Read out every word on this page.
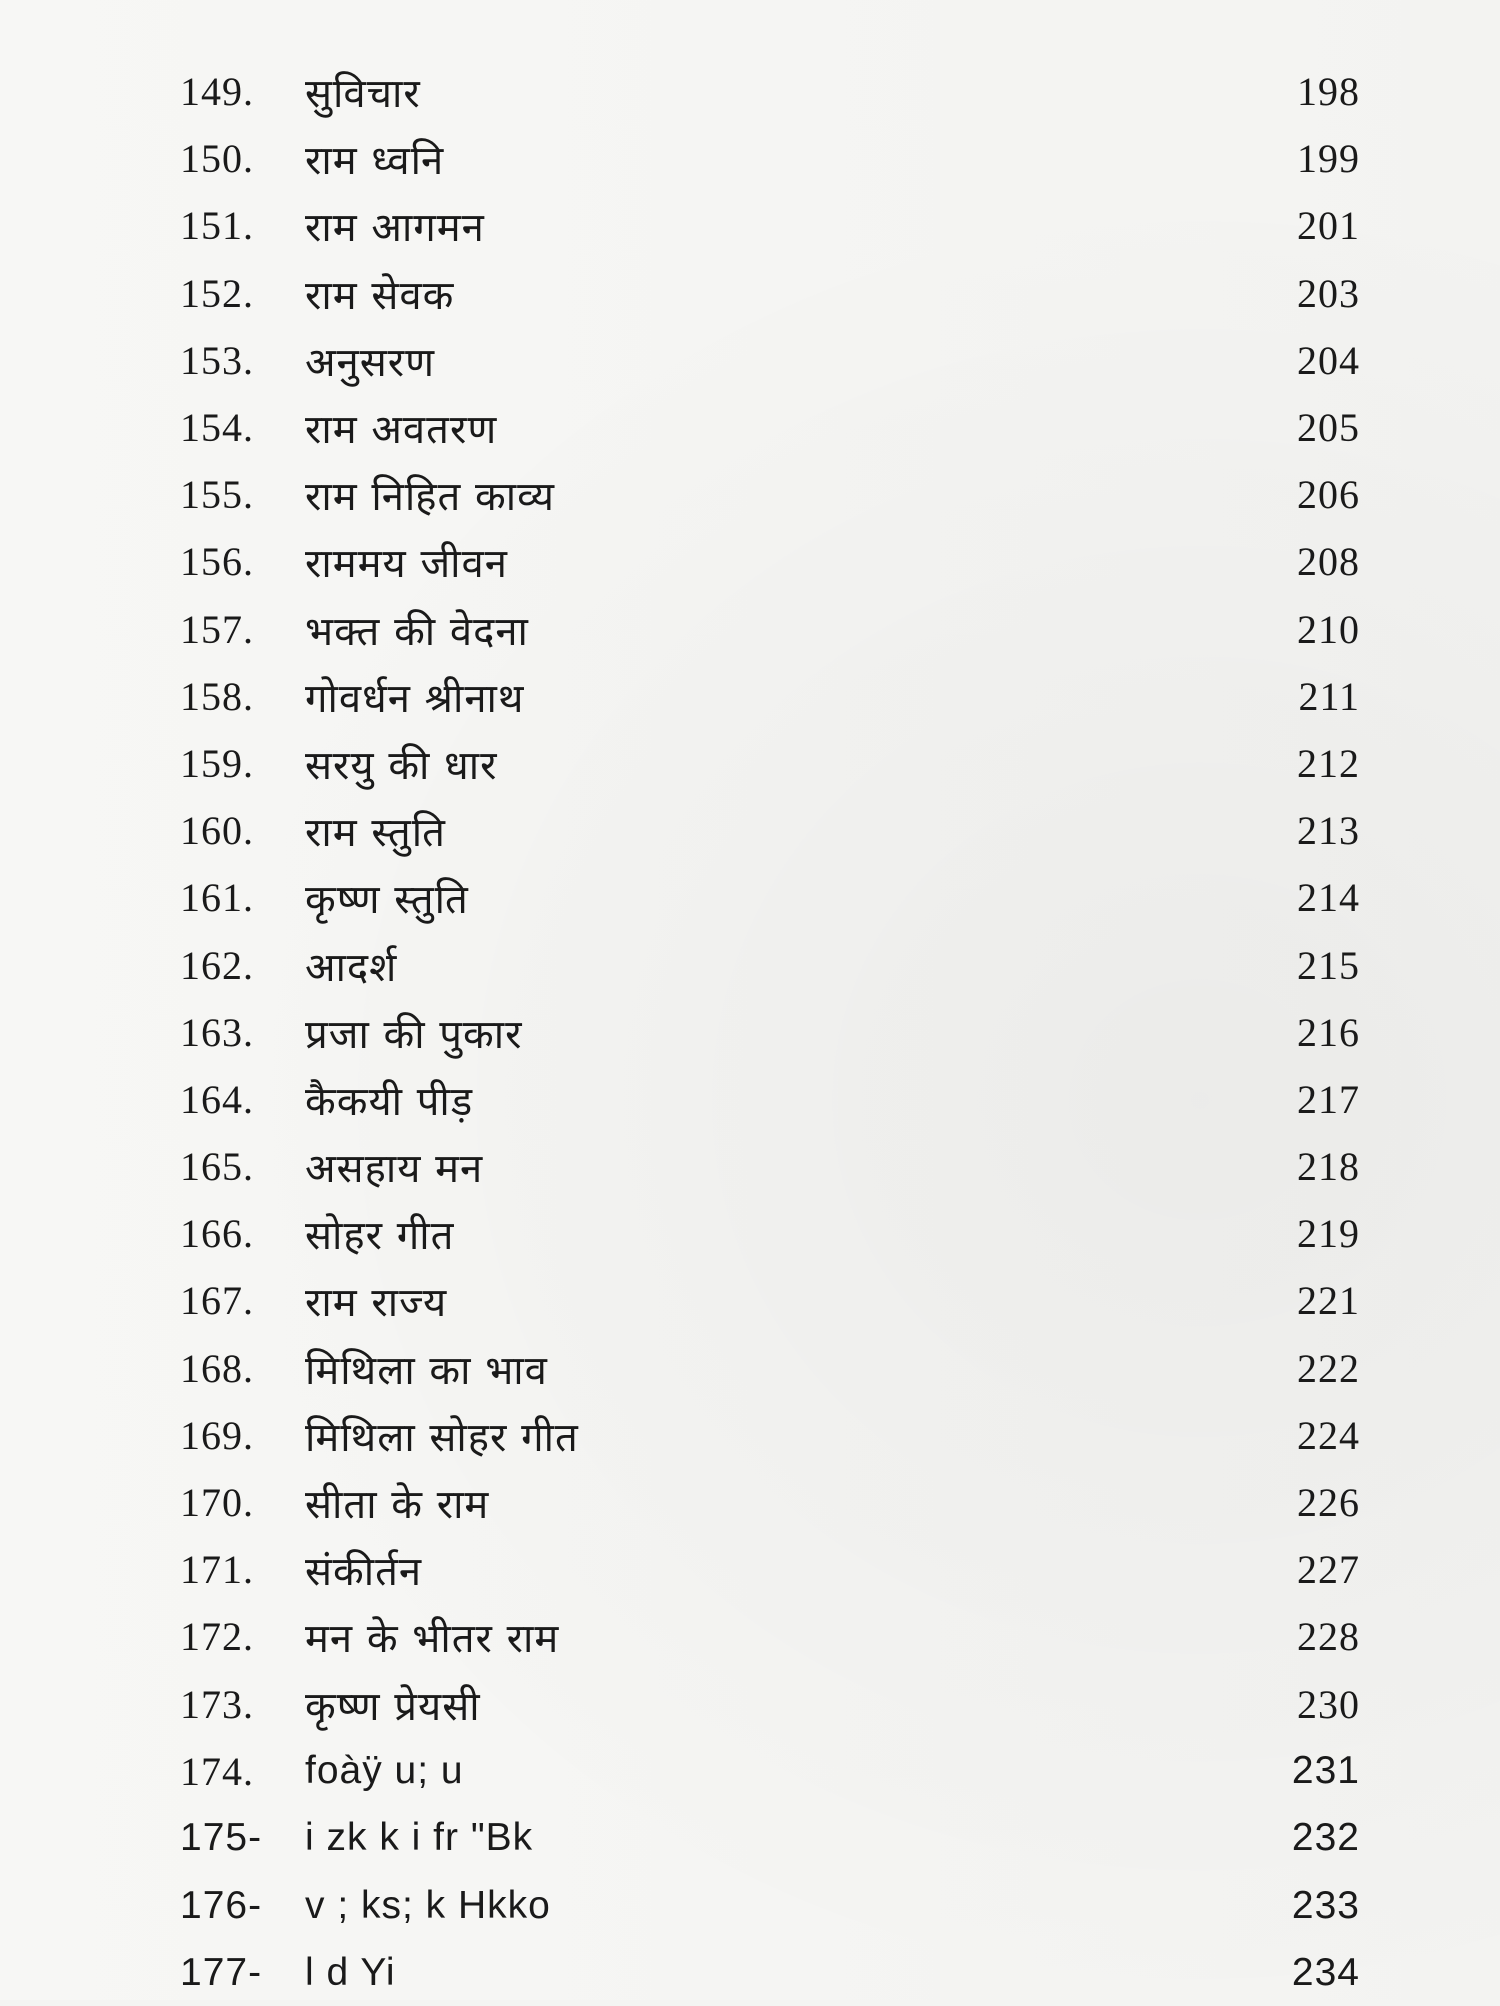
149.	सुविचार	198
150.	राम ध्वनि	199
151.	राम आगमन	201
152.	राम सेवक	203
153.	अनुसरण	204
154.	राम अवतरण	205
155.	राम निहित काव्य	206
156.	राममय जीवन	208
157.	भक्त की वेदना	210
158.	गोवर्धन श्रीनाथ	211
159.	सरयु की धार	212
160.	राम स्तुति	213
161.	कृष्ण स्तुति	214
162.	आदर्श	215
163.	प्रजा की पुकार	216
164.	कैकयी पीड़	217
165.	असहाय मन	218
166.	सोहर गीत	219
167.	राम राज्य	221
168.	मिथिला का भाव	222
169.	मिथिला सोहर गीत	224
170.	सीता के राम	226
171.	संकीर्तन	227
172.	मन के भीतर राम	228
173.	कृष्ण प्रेयसी	230
174.	foàÿ u; u	231
175-	i zk k i fr "Bk	232
176-	v ; ks; k Hkko	233
177-	l d Yi	234
